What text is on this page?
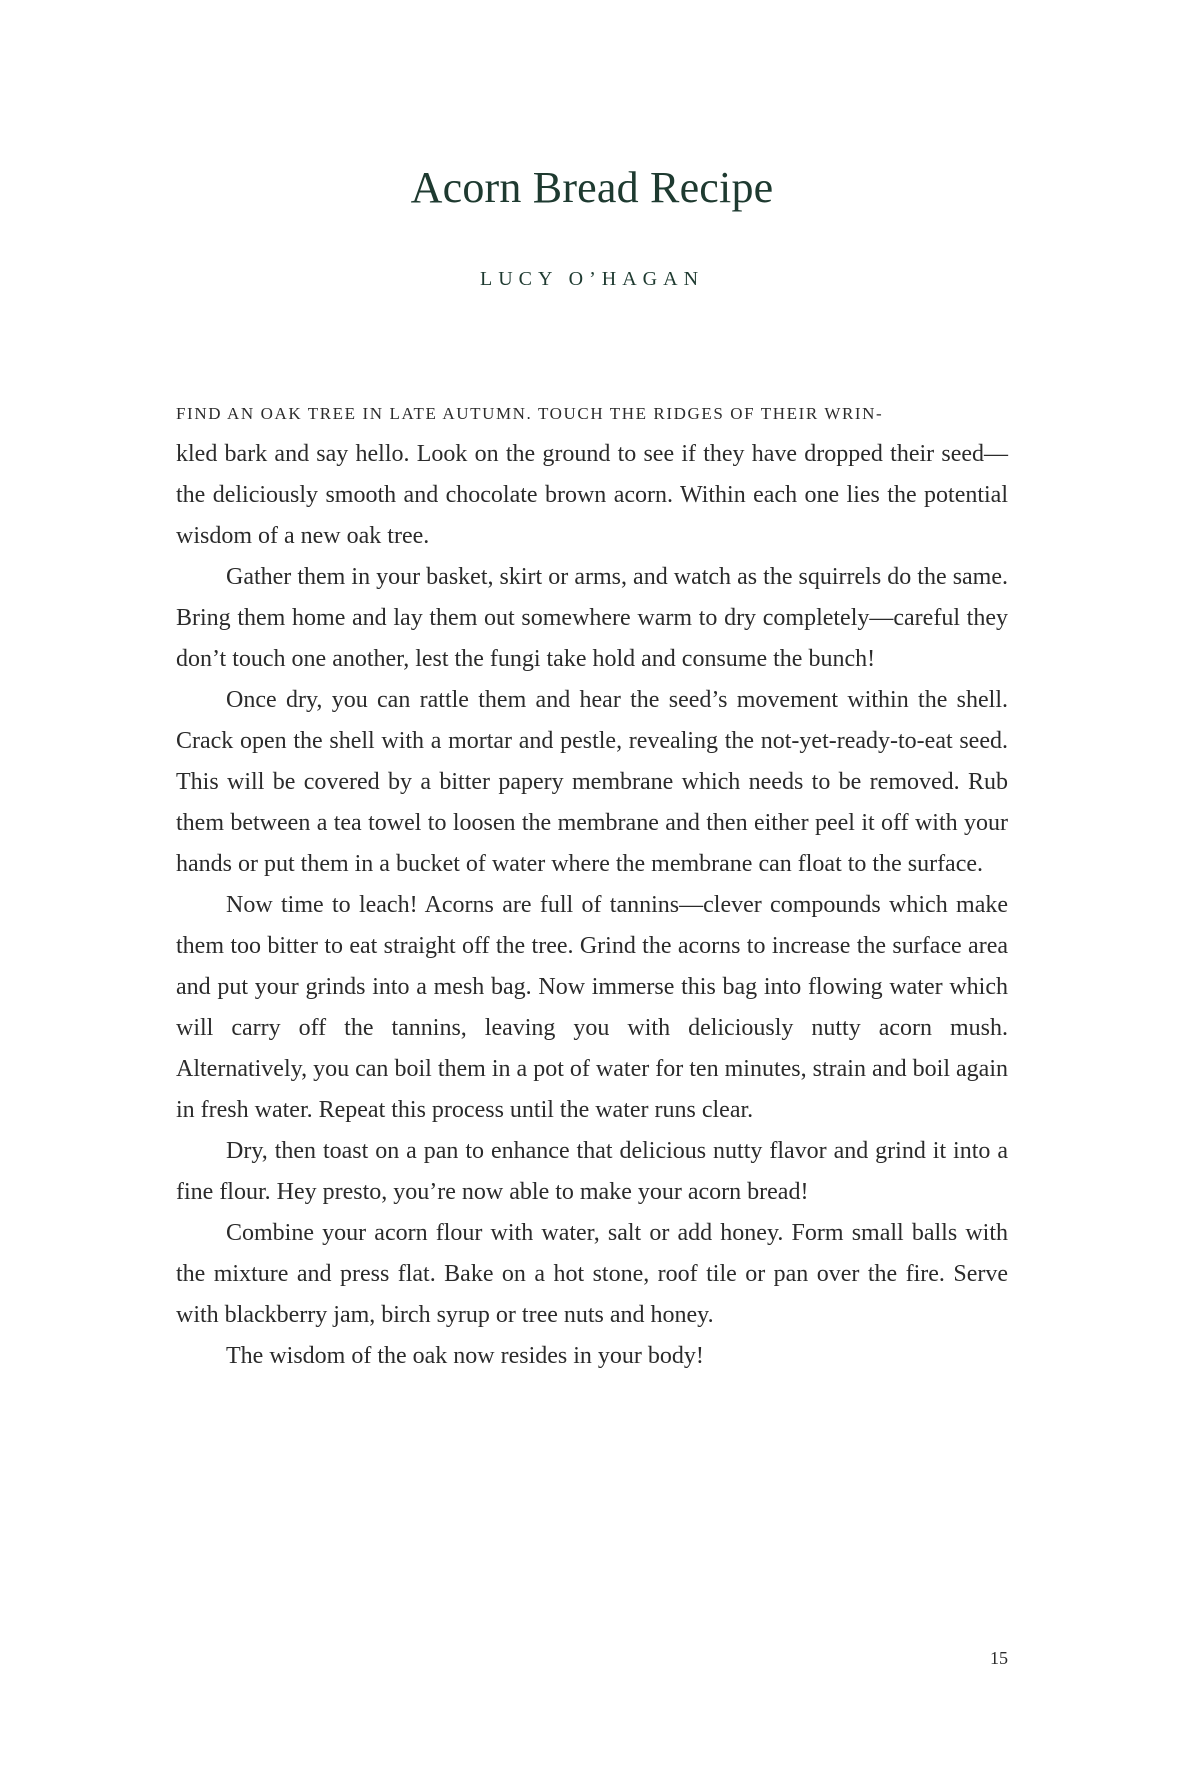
Acorn Bread Recipe
LUCY O’HAGAN

FIND AN OAK TREE IN LATE AUTUMN. TOUCH THE RIDGES OF THEIR WRIN-
kled bark and say hello. Look on the ground to see if they have dropped their seed—the deliciously smooth and chocolate brown acorn. Within each one lies the potential wisdom of a new oak tree.

Gather them in your basket, skirt or arms, and watch as the squirrels do the same. Bring them home and lay them out somewhere warm to dry completely—careful they don’t touch one another, lest the fungi take hold and consume the bunch!

Once dry, you can rattle them and hear the seed’s movement within the shell. Crack open the shell with a mortar and pestle, revealing the not-yet-ready-to-eat seed. This will be covered by a bitter papery membrane which needs to be removed. Rub them between a tea towel to loosen the membrane and then either peel it off with your hands or put them in a bucket of water where the membrane can float to the surface.

Now time to leach! Acorns are full of tannins—clever compounds which make them too bitter to eat straight off the tree. Grind the acorns to increase the surface area and put your grinds into a mesh bag. Now immerse this bag into flowing water which will carry off the tannins, leaving you with deliciously nutty acorn mush. Alternatively, you can boil them in a pot of water for ten minutes, strain and boil again in fresh water. Repeat this process until the water runs clear.

Dry, then toast on a pan to enhance that delicious nutty flavor and grind it into a fine flour. Hey presto, you’re now able to make your acorn bread!

Combine your acorn flour with water, salt or add honey. Form small balls with the mixture and press flat. Bake on a hot stone, roof tile or pan over the fire. Serve with blackberry jam, birch syrup or tree nuts and honey.

The wisdom of the oak now resides in your body!

15
